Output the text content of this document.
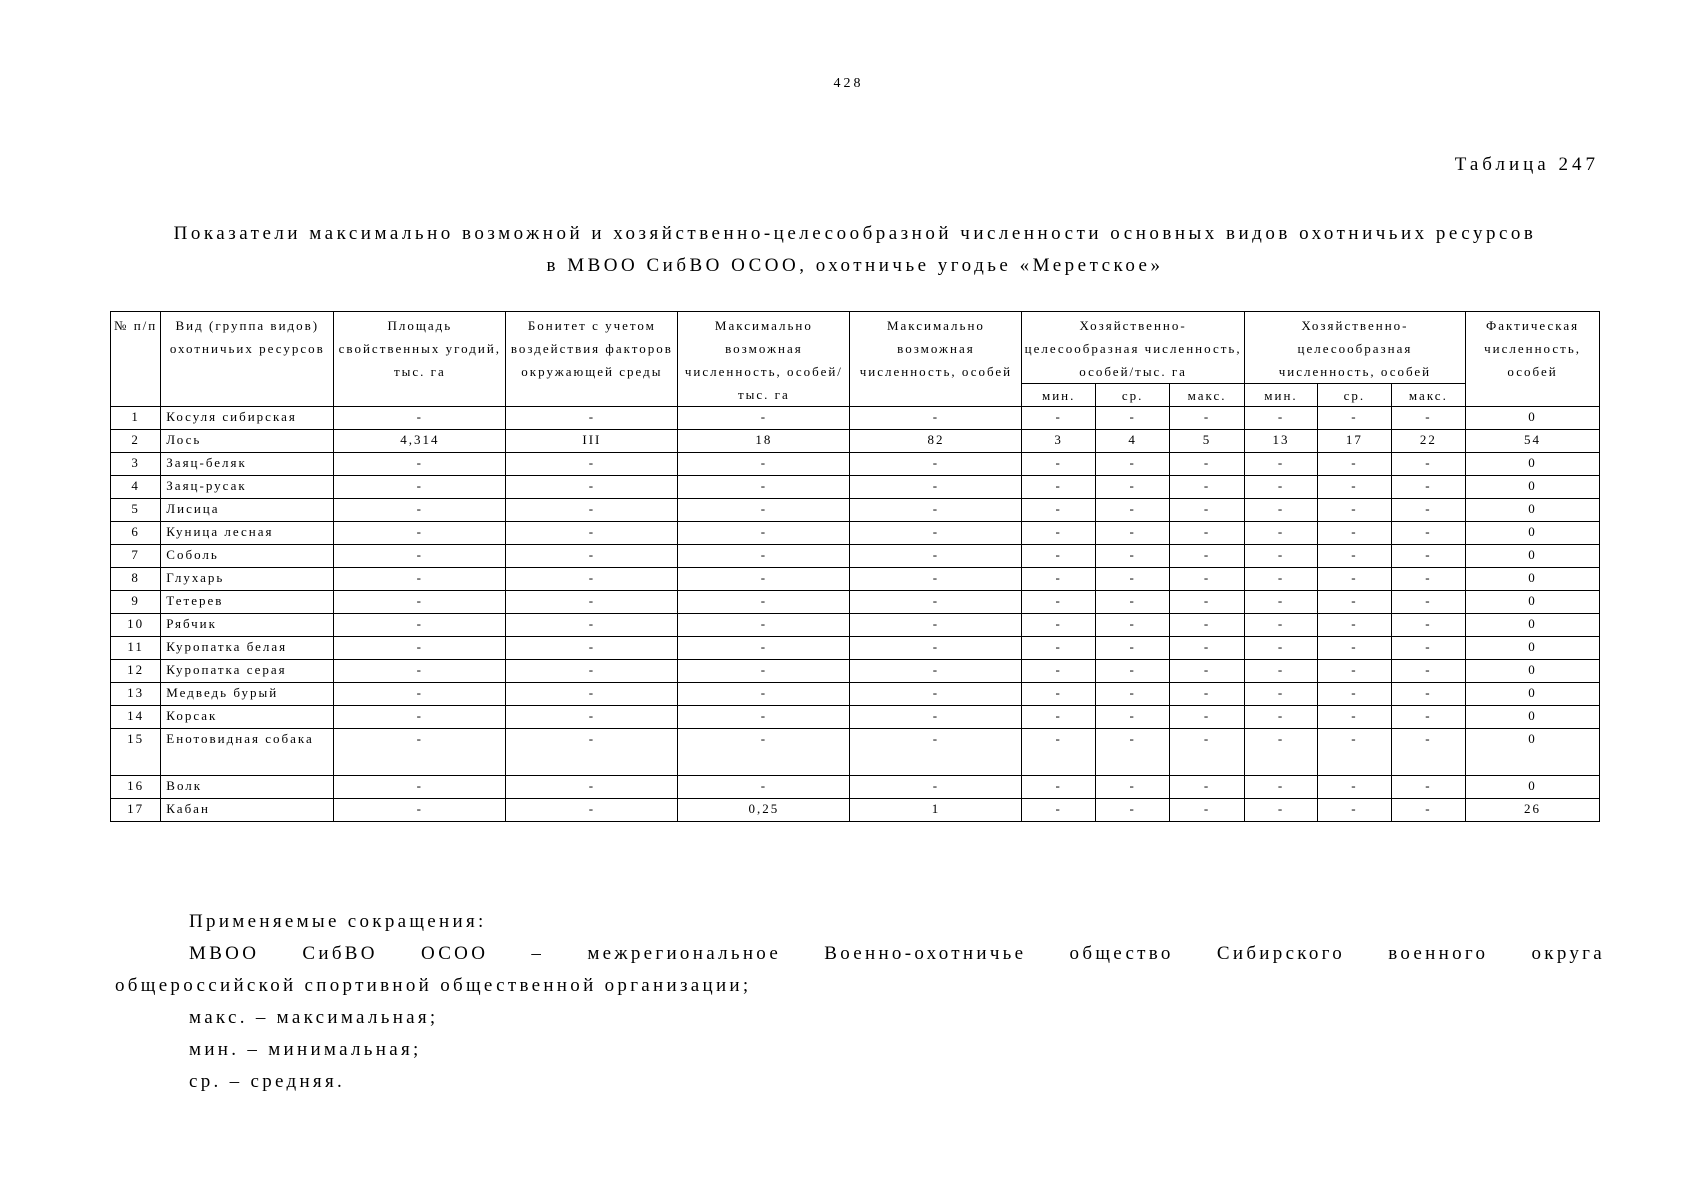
428
Таблица 247
Показатели максимально возможной и хозяйственно-целесообразной численности основных видов охотничьих ресурсов
в МВОО СибВО ОСОО, охотничье угодье «Меретское»
№ п/п	Вид (группа видов) охотничьих ресурсов	Площадь свойственных угодий, тыс. га	Бонитет с учетом воздействия факторов окружающей среды	Максимально возможная численность, особей/тыс. га	Максимально возможная численность, особей	Хозяйственно-целесообразная численность, особей/тыс. га			Хозяйственно-целесообразная численность, особей			Фактическая численность, особей
						мин.	ср.	макс.	мин.	ср.	макс.	
1	Косуля сибирская	-	-	-	-	-	-	-	-	-	-	0
2	Лось	4,314	III	18	82	3	4	5	13	17	22	54
3	Заяц-беляк	-	-	-	-	-	-	-	-	-	-	0
4	Заяц-русак	-	-	-	-	-	-	-	-	-	-	0
5	Лисица	-	-	-	-	-	-	-	-	-	-	0
6	Куница лесная	-	-	-	-	-	-	-	-	-	-	0
7	Соболь	-	-	-	-	-	-	-	-	-	-	0
8	Глухарь	-	-	-	-	-	-	-	-	-	-	0
9	Тетерев	-	-	-	-	-	-	-	-	-	-	0
10	Рябчик	-	-	-	-	-	-	-	-	-	-	0
11	Куропатка белая	-	-	-	-	-	-	-	-	-	-	0
12	Куропатка серая	-	-	-	-	-	-	-	-	-	-	0
13	Медведь бурый	-	-	-	-	-	-	-	-	-	-	0
14	Корсак	-	-	-	-	-	-	-	-	-	-	0
15	Енотовидная собака	-	-	-	-	-	-	-	-	-	-	0
16	Волк	-	-	-	-	-	-	-	-	-	-	0
17	Кабан	-	-	0,25	1	-	-	-	-	-	-	26
Применяемые сокращения:
МВОО СибВО ОСОО – межрегиональное Военно-охотничье общество Сибирского военного округа
общероссийской спортивной общественной организации;
макс. – максимальная;
мин. – минимальная;
ср. – средняя.
